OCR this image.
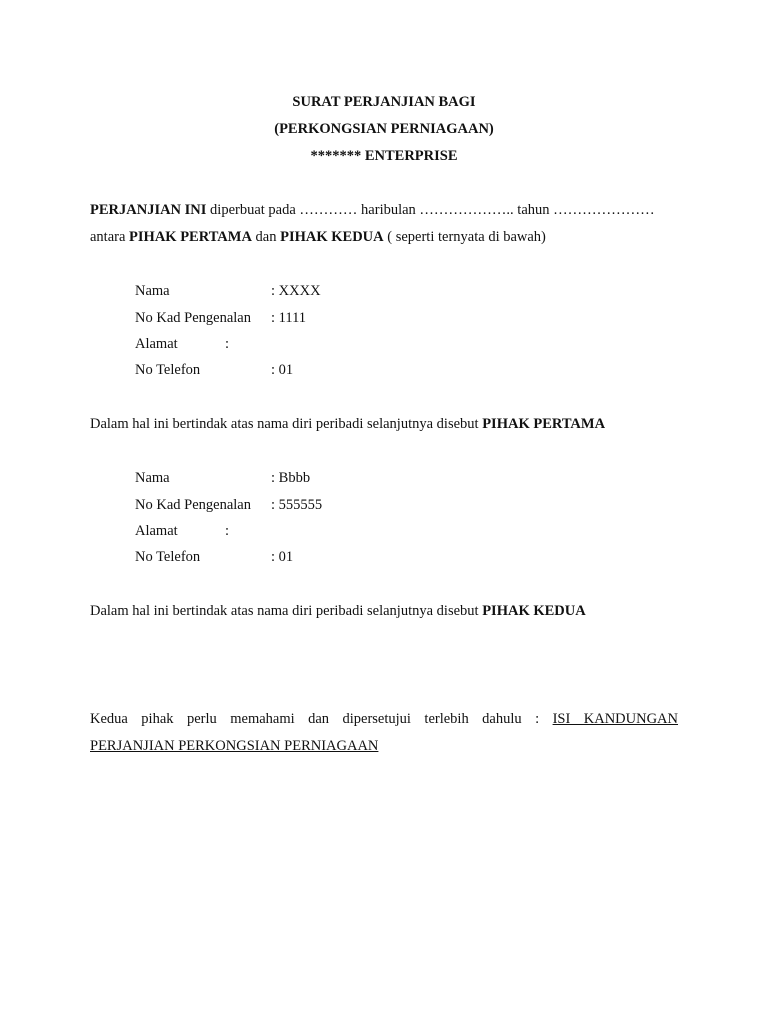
SURAT PERJANJIAN BAGI
(PERKONGSIAN PERNIAGAAN)
******* ENTERPRISE
PERJANJIAN INI diperbuat pada ………… haribulan ……………….. tahun …………………
antara PIHAK PERTAMA dan PIHAK KEDUA ( seperti ternyata di bawah)
Nama	: XXXX
No Kad Pengenalan : 1111
Alamat	:
No Telefon	: 01
Dalam hal ini bertindak atas nama diri peribadi selanjutnya disebut PIHAK PERTAMA
Nama	: Bbbb
No Kad Pengenalan : 555555
Alamat	:
No Telefon	: 01
Dalam hal ini bertindak atas nama diri peribadi selanjutnya disebut PIHAK KEDUA
Kedua pihak perlu memahami dan dipersetujui terlebih dahulu : ISI KANDUNGAN
PERJANJIAN PERKONGSIAN PERNIAGAAN
